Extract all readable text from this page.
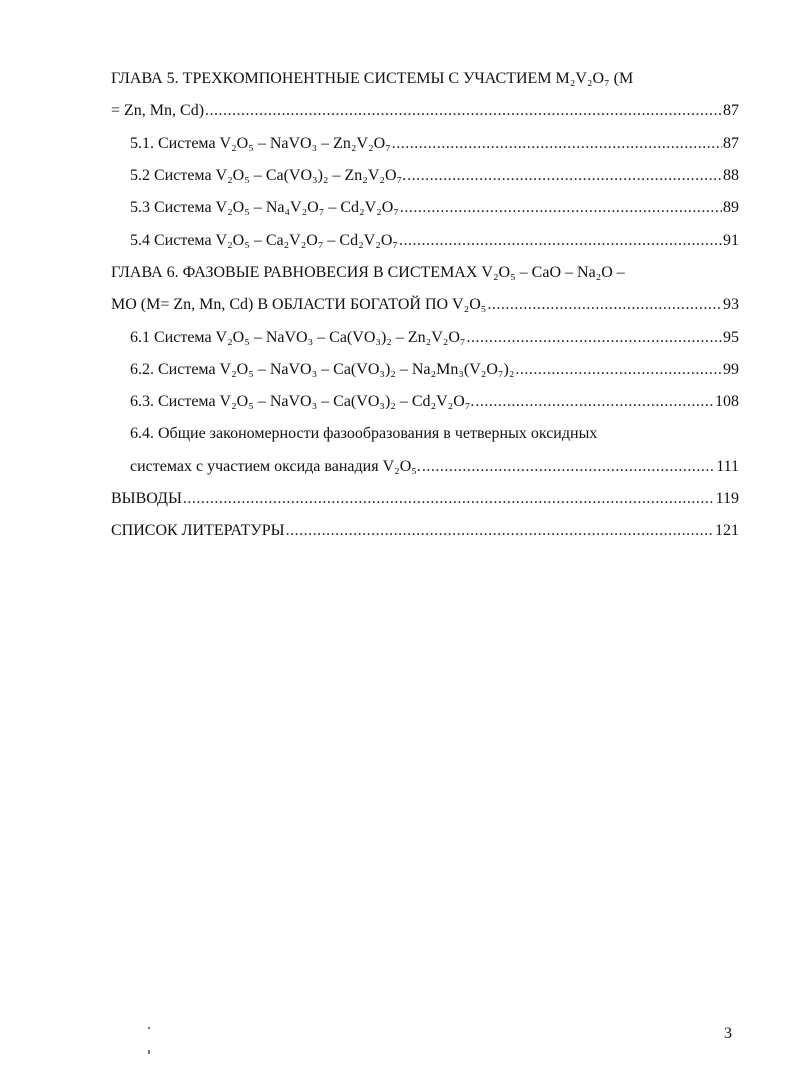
ГЛАВА 5. ТРЕХКОМПОНЕНТНЫЕ СИСТЕМЫ С УЧАСТИЕМ M₂V₂O₇ (M
= Zn, Mn, Cd) .....	87
5.1. Система V₂O₅ – NaVO₃ – Zn₂V₂O₇ .....	87
5.2 Система V₂O₅ – Ca(VO₃)₂ – Zn₂V₂O₇. .....	88
5.3 Система V₂O₅ – Na₄V₂O₇ – Cd₂V₂O₇ .....	89
5.4 Система V₂O₅ – Ca₂V₂O₇ – Cd₂V₂O₇ .....	91
ГЛАВА 6. ФАЗОВЫЕ РАВНОВЕСИЯ В СИСТЕМАХ V₂O₅ – CaO – Na₂O –
MO (M= Zn, Mn, Cd) В ОБЛАСТИ БОГАТОЙ ПО V₂O₅ .....	93
6.1 Система V₂O₅ – NaVO₃ – Ca(VO₃)₂ – Zn₂V₂O₇ .....	95
6.2. Система V₂O₅ – NaVO₃ – Ca(VO₃)₂ – Na₂Mn₃(V₂O₇)₂ .....	99
6.3. Система V₂O₅ – NaVO₃ – Ca(VO₃)₂ – Cd₂V₂O₇. .....	108
6.4. Общие закономерности фазообразования в четверных оксидных
системах с участием оксида ванадия V₂O₅. .....	111
ВЫВОДЫ .....	119
СПИСОК ЛИТЕРАТУРЫ .....	121
3
